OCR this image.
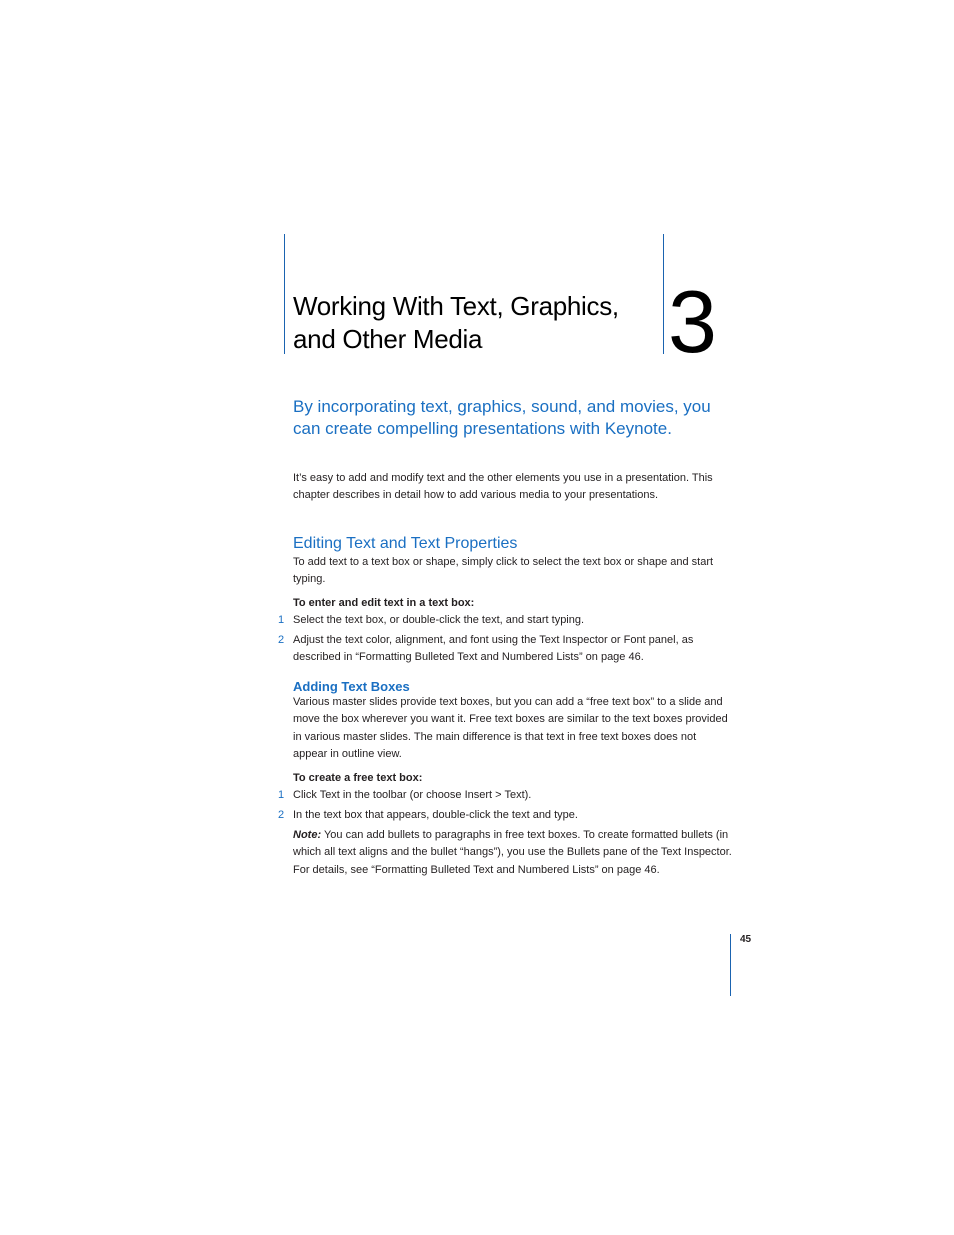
Working With Text, Graphics,
and Other Media	3

By incorporating text, graphics, sound, and movies, you can create compelling presentations with Keynote.

It’s easy to add and modify text and the other elements you use in a presentation. This chapter describes in detail how to add various media to your presentations.

Editing Text and Text Properties

To add text to a text box or shape, simply click to select the text box or shape and start typing.

To enter and edit text in a text box:

1 Select the text box, or double-click the text, and start typing.

2 Adjust the text color, alignment, and font using the Text Inspector or Font panel, as described in “Formatting Bulleted Text and Numbered Lists” on page 46.

Adding Text Boxes

Various master slides provide text boxes, but you can add a “free text box” to a slide and move the box wherever you want it. Free text boxes are similar to the text boxes provided in various master slides. The main difference is that text in free text boxes does not appear in outline view.

To create a free text box:

1 Click Text in the toolbar (or choose Insert > Text).

2 In the text box that appears, double-click the text and type.

Note: You can add bullets to paragraphs in free text boxes. To create formatted bullets (in which all text aligns and the bullet “hangs”), you use the Bullets pane of the Text Inspector. For details, see “Formatting Bulleted Text and Numbered Lists” on page 46.

45
